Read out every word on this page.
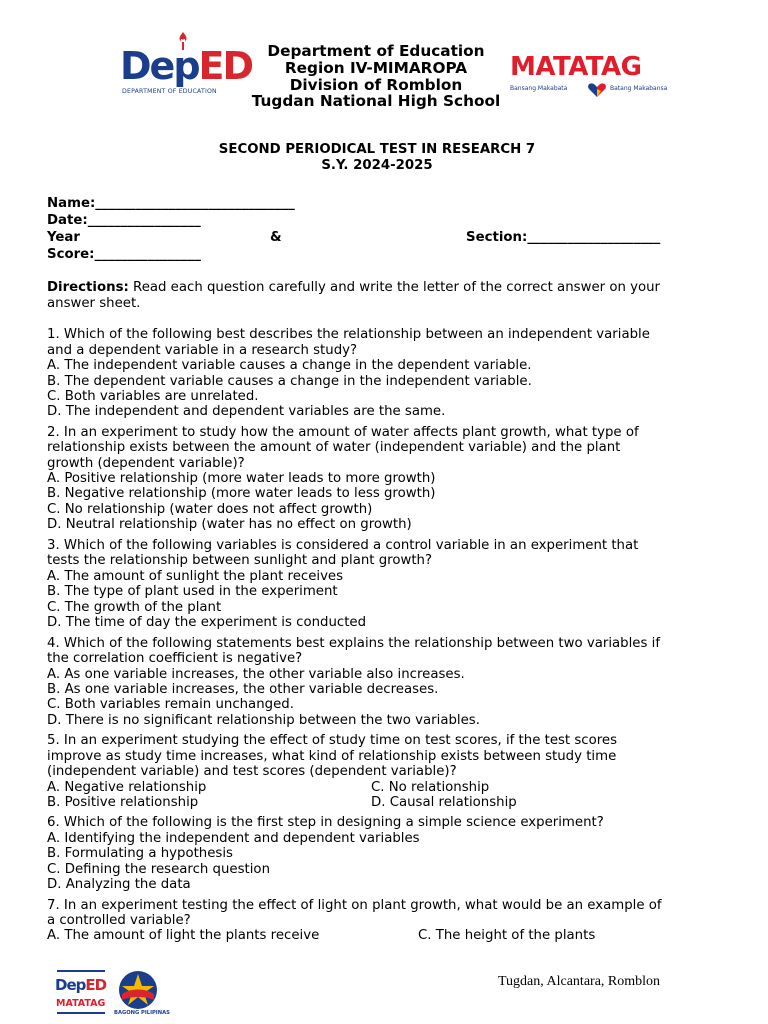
DepED
DEPARTMENT OF EDUCATION
Department of Education
Region IV-MIMAROPA
Division of Romblon
Tugdan National High School
MATATAG
Bansang Makabata	Batang Makabansa
SECOND PERIODICAL TEST IN RESEARCH 7
S.Y. 2024-2025
Name:______________________________
Date:_________________
Year	&	Section:____________________
Score:________________
Directions: Read each question carefully and write the letter of the correct answer on your
answer sheet.
1. Which of the following best describes the relationship between an independent variable
and a dependent variable in a research study?
A. The independent variable causes a change in the dependent variable.
B. The dependent variable causes a change in the independent variable.
C. Both variables are unrelated.
D. The independent and dependent variables are the same.
2. In an experiment to study how the amount of water affects plant growth, what type of
relationship exists between the amount of water (independent variable) and the plant
growth (dependent variable)?
A. Positive relationship (more water leads to more growth)
B. Negative relationship (more water leads to less growth)
C. No relationship (water does not affect growth)
D. Neutral relationship (water has no effect on growth)
3. Which of the following variables is considered a control variable in an experiment that
tests the relationship between sunlight and plant growth?
A. The amount of sunlight the plant receives
B. The type of plant used in the experiment
C. The growth of the plant
D. The time of day the experiment is conducted
4. Which of the following statements best explains the relationship between two variables if
the correlation coefficient is negative?
A. As one variable increases, the other variable also increases.
B. As one variable increases, the other variable decreases.
C. Both variables remain unchanged.
D. There is no significant relationship between the two variables.
5. In an experiment studying the effect of study time on test scores, if the test scores
improve as study time increases, what kind of relationship exists between study time
(independent variable) and test scores (dependent variable)?
A. Negative relationship	C. No relationship
B. Positive relationship	D. Causal relationship
6. Which of the following is the first step in designing a simple science experiment?
A. Identifying the independent and dependent variables
B. Formulating a hypothesis
C. Defining the research question
D. Analyzing the data
7. In an experiment testing the effect of light on plant growth, what would be an example of
a controlled variable?
A. The amount of light the plants receive	C. The height of the plants
DepED
MATATAG
BAGONG PILIPINAS
Tugdan, Alcantara, Romblon
